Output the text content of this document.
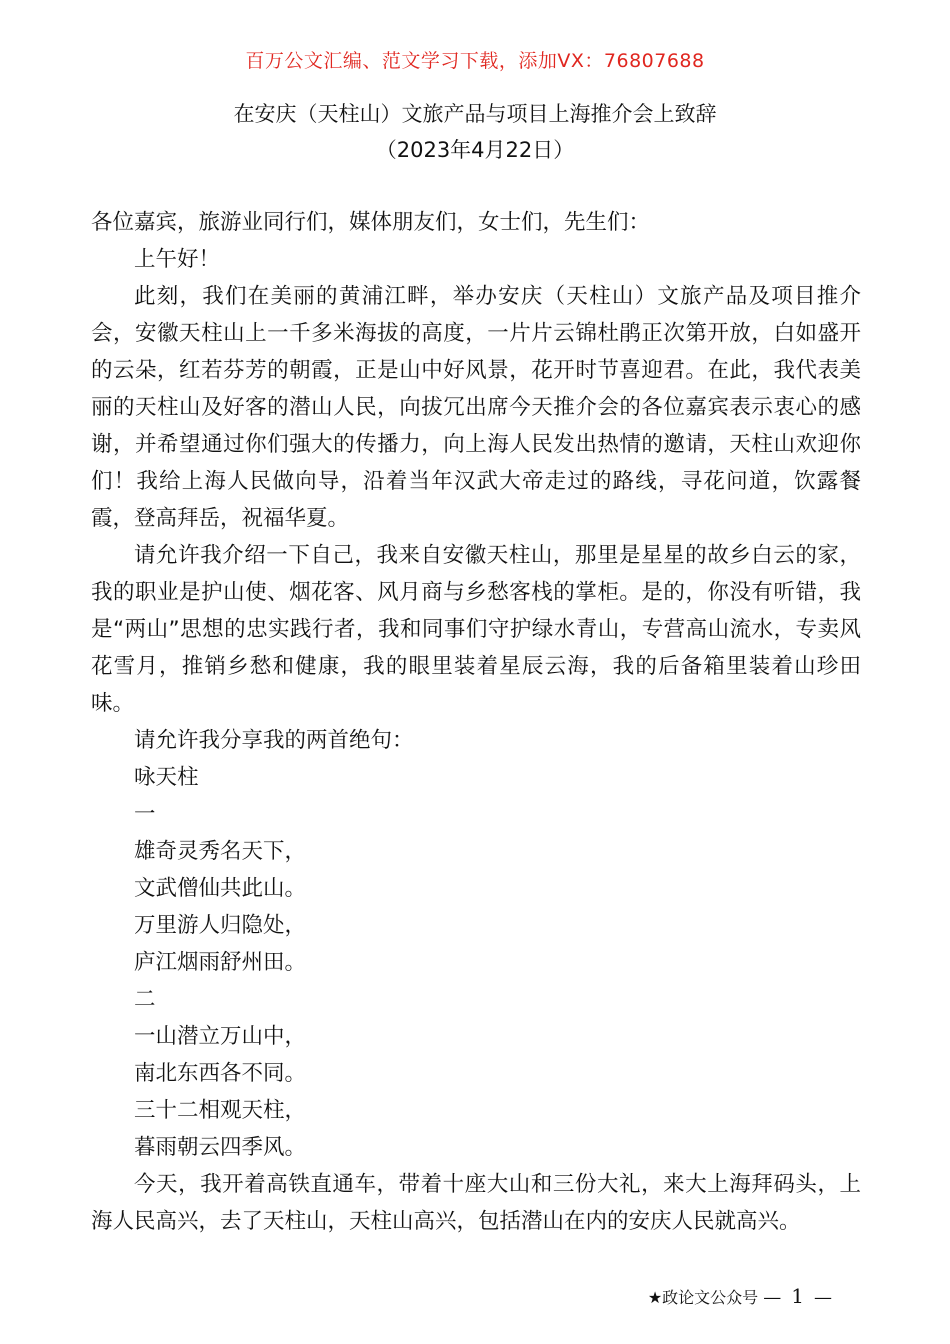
百万公文汇编、范文学习下载，添加VX：76807688
在安庆（天柱山）文旅产品与项目上海推介会上致辞
（2023年4月22日）

各位嘉宾，旅游业同行们，媒体朋友们，女士们，先生们：

上午好！

此刻，我们在美丽的黄浦江畔，举办安庆（天柱山）文旅产品及项目推介会，安徽天柱山上一千多米海拔的高度，一片片云锦杜鹃正次第开放，白如盛开的云朵，红若芬芳的朝霞，正是山中好风景，花开时节喜迎君。在此，我代表美丽的天柱山及好客的潜山人民，向拔冗出席今天推介会的各位嘉宾表示衷心的感谢，并希望通过你们强大的传播力，向上海人民发出热情的邀请，天柱山欢迎你们！我给上海人民做向导，沿着当年汉武大帝走过的路线，寻花问道，饮露餐霞，登高拜岳，祝福华夏。

请允许我介绍一下自己，我来自安徽天柱山，那里是星星的故乡白云的家，我的职业是护山使、烟花客、风月商与乡愁客栈的掌柜。是的，你没有听错，我是“两山”思想的忠实践行者，我和同事们守护绿水青山，专营高山流水，专卖风花雪月，推销乡愁和健康，我的眼里装着星辰云海，我的后备箱里装着山珍田味。

请允许我分享我的两首绝句：

咏天柱

一

雄奇灵秀名天下，

文武僧仙共此山。

万里游人归隐处，

庐江烟雨舒州田。

二

一山潜立万山中，

南北东西各不同。

三十二相观天柱，

暮雨朝云四季风。

今天，我开着高铁直通车，带着十座大山和三份大礼，来大上海拜码头，上海人民高兴，去了天柱山，天柱山高兴，包括潜山在内的安庆人民就高兴。

★政论文公众号 — 1 —
